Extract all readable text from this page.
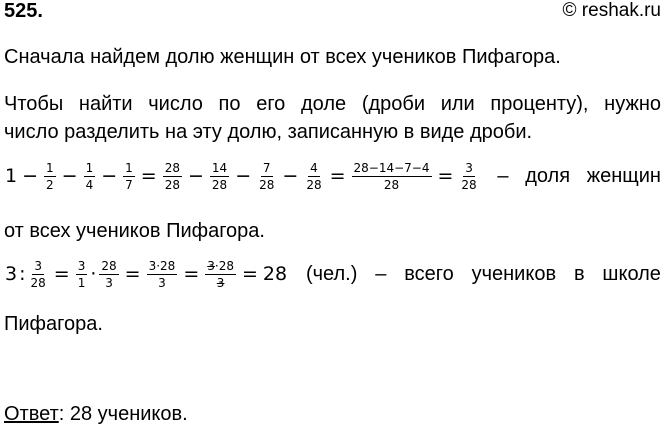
525.	© reshak.ru
Сначала найдем долю женщин от всех учеников Пифагора.
Чтобы найти число по его доле (дроби или проценту), нужно
число разделить на эту долю, записанную в виде дроби.
$1 - \frac{1}{2} - \frac{1}{4} - \frac{1}{7} = \frac{28}{28} - \frac{14}{28} - \frac{7}{28} - \frac{4}{28} = \frac{28-14-7-4}{28} = \frac{3}{28}$ – доля женщин
от всех учеников Пифагора.
3 : $\frac{3}{28} = \frac{3}{1} \cdot \frac{28}{3} = \frac{3\cdot 28}{3} = \frac{3\cdot 28}{3} = 28$ (чел.) – всего учеников в школе
Пифагора.
Ответ: 28 учеников.
